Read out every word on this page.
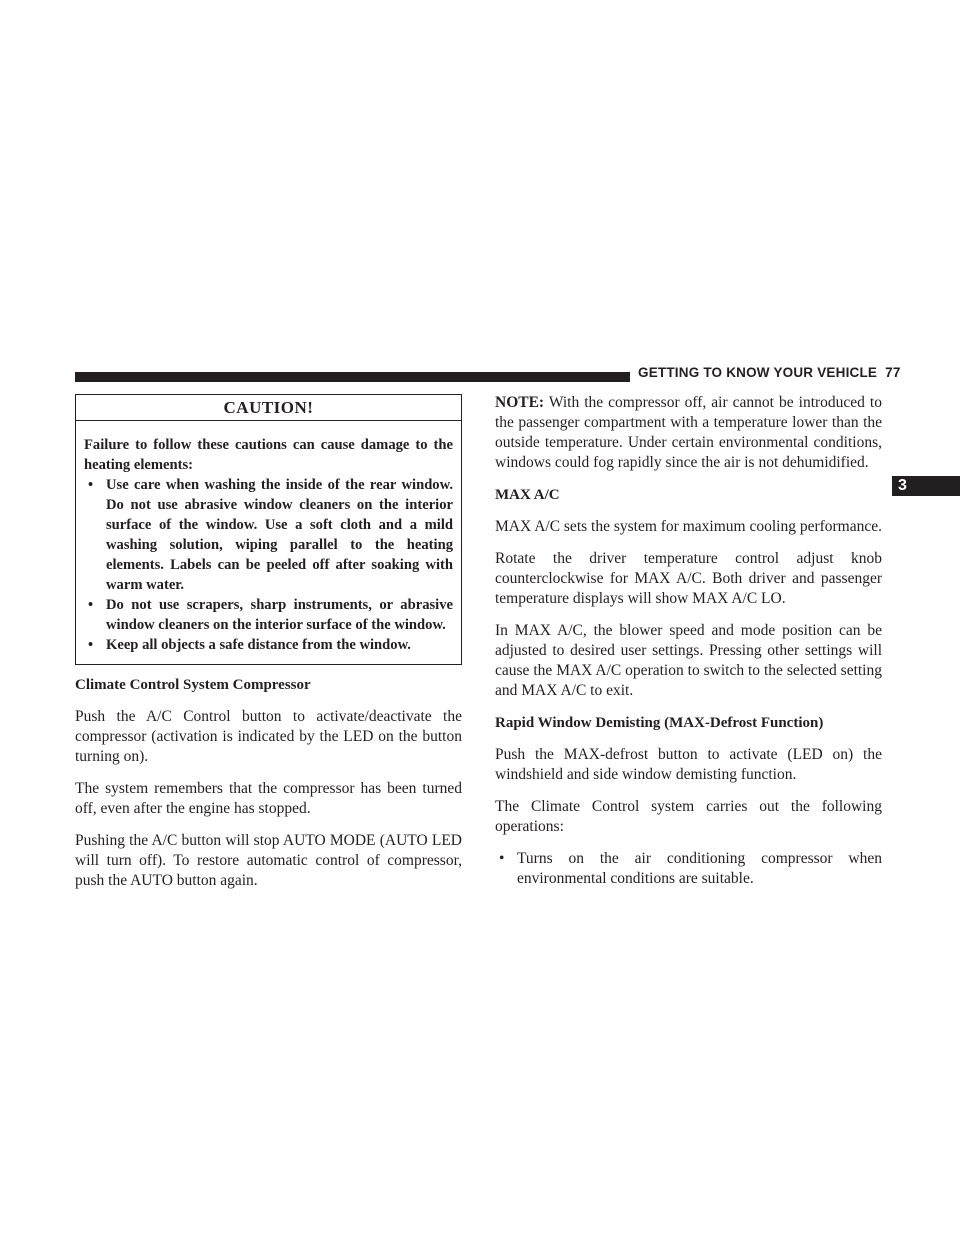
GETTING TO KNOW YOUR VEHICLE 77
3
CAUTION!

Failure to follow these cautions can cause damage to the heating elements:

• Use care when washing the inside of the rear window. Do not use abrasive window cleaners on the interior surface of the window. Use a soft cloth and a mild washing solution, wiping parallel to the heating elements. Labels can be peeled off after soaking with warm water.
• Do not use scrapers, sharp instruments, or abrasive window cleaners on the interior surface of the window.
• Keep all objects a safe distance from the window.
Climate Control System Compressor

Push the A/C Control button to activate/deactivate the compressor (activation is indicated by the LED on the button turning on).

The system remembers that the compressor has been turned off, even after the engine has stopped.

Pushing the A/C button will stop AUTO MODE (AUTO LED will turn off). To restore automatic control of compressor, push the AUTO button again.

NOTE: With the compressor off, air cannot be introduced to the passenger compartment with a temperature lower than the outside temperature. Under certain environmental conditions, windows could fog rapidly since the air is not dehumidified.

MAX A/C

MAX A/C sets the system for maximum cooling performance.

Rotate the driver temperature control adjust knob counterclockwise for MAX A/C. Both driver and passenger temperature displays will show MAX A/C LO.

In MAX A/C, the blower speed and mode position can be adjusted to desired user settings. Pressing other settings will cause the MAX A/C operation to switch to the selected setting and MAX A/C to exit.

Rapid Window Demisting (MAX-Defrost Function)

Push the MAX-defrost button to activate (LED on) the windshield and side window demisting function.

The Climate Control system carries out the following operations:

• Turns on the air conditioning compressor when environmental conditions are suitable.
